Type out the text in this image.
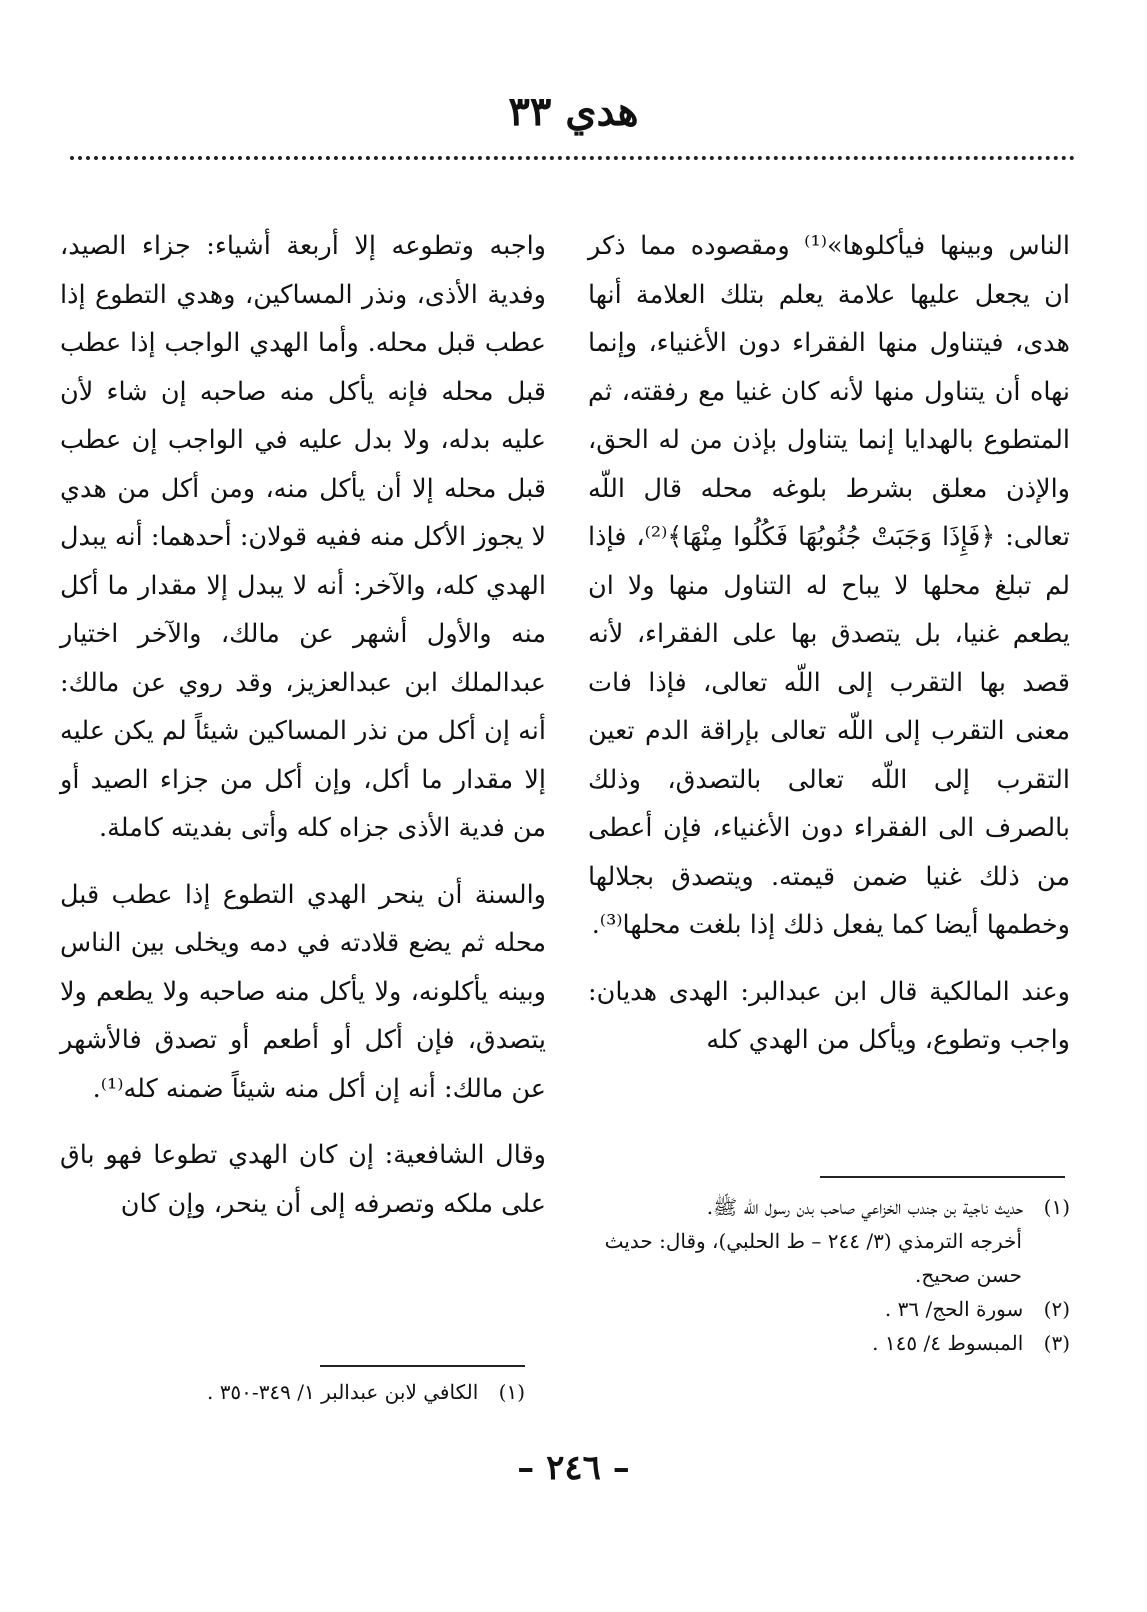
هدي ٣٣

الناس وبينها فيأكلوها»⁽¹⁾ ومقصوده مما ذكر ان يجعل عليها علامة يعلم بتلك العلامة أنها هدى، فيتناول منها الفقراء دون الأغنياء، وإنما نهاه أن يتناول منها لأنه كان غنيا مع رفقته، ثم المتطوع بالهدايا إنما يتناول بإذن من له الحق، والإذن معلق بشرط بلوغه محله قال اللّه تعالى: ﴿فَإِذَا وَجَبَتْ جُنُوبُهَا فَكُلُوا مِنْهَا﴾⁽²⁾، فإذا لم تبلغ محلها لا يباح له التناول منها ولا ان يطعم غنيا، بل يتصدق بها على الفقراء، لأنه قصد بها التقرب إلى اللّه تعالى، فإذا فات معنى التقرب إلى اللّه تعالى بإراقة الدم تعين التقرب إلى اللّه تعالى بالتصدق، وذلك بالصرف الى الفقراء دون الأغنياء، فإن أعطى من ذلك غنيا ضمن قيمته. ويتصدق بجلالها وخطمها أيضا كما يفعل ذلك إذا بلغت محلها⁽³⁾.

وعند المالكية قال ابن عبدالبر: الهدى هديان: واجب وتطوع، ويأكل من الهدي كله

واجبه وتطوعه إلا أربعة أشياء: جزاء الصيد، وفدية الأذى، ونذر المساكين، وهدي التطوع إذا عطب قبل محله. وأما الهدي الواجب إذا عطب قبل محله فإنه يأكل منه صاحبه إن شاء لأن عليه بدله، ولا بدل عليه في الواجب إن عطب قبل محله إلا أن يأكل منه، ومن أكل من هدي لا يجوز الأكل منه ففيه قولان: أحدهما: أنه يبدل الهدي كله، والآخر: أنه لا يبدل إلا مقدار ما أكل منه والأول أشهر عن مالك، والآخر اختيار عبدالملك ابن عبدالعزيز، وقد روي عن مالك: أنه إن أكل من نذر المساكين شيئاً لم يكن عليه إلا مقدار ما أكل، وإن أكل من جزاء الصيد أو من فدية الأذى جزاه كله وأتى بفديته كاملة.

والسنة أن ينحر الهدي التطوع إذا عطب قبل محله ثم يضع قلادته في دمه ويخلى بين الناس وبينه يأكلونه، ولا يأكل منه صاحبه ولا يطعم ولا يتصدق، فإن أكل أو أطعم أو تصدق فالأشهر عن مالك: أنه إن أكل منه شيئاً ضمنه كله⁽¹⁾.

وقال الشافعية: إن كان الهدي تطوعا فهو باق على ملكه وتصرفه إلى أن ينحر، وإن كان	(١) حديث ناجية بن جندب الخزاعي صاحب بدن رسول الله ﷺ.
أخرجه الترمذي (٣/ ٢٤٤ – ط الحلبي)، وقال: حديث حسن صحيح.

(٢) سورة الحج/ ٣٦ .

(٣) المبسوط ٤/ ١٤٥ .

(١) الكافي لابن عبدالبر ١/ ٣٤٩-٣٥٠ .

– ٢٤٦ –
